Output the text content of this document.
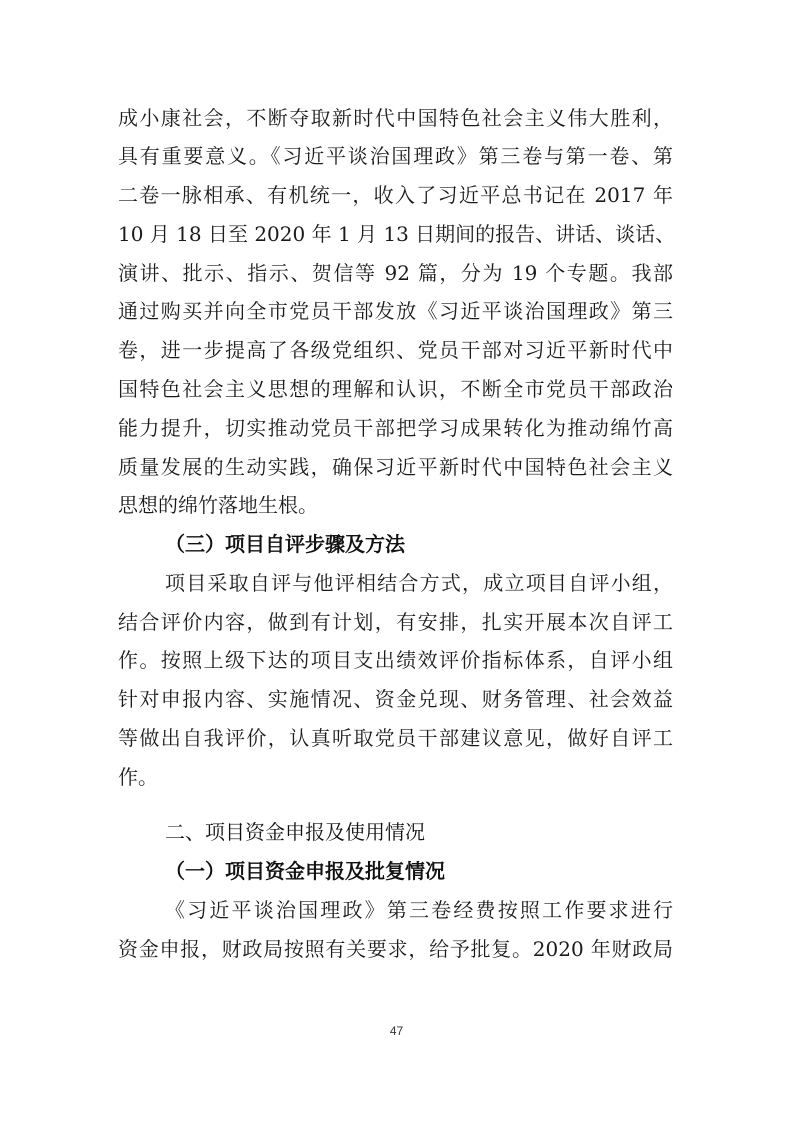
成小康社会，不断夺取新时代中国特色社会主义伟大胜利，
具有重要意义。《习近平谈治国理政》第三卷与第一卷、第
二卷一脉相承、有机统一，收入了习近平总书记在 2017 年
10 月 18 日至 2020 年 1 月 13 日期间的报告、讲话、谈话、
演讲、批示、指示、贺信等 92 篇，分为 19 个专题。我部
通过购买并向全市党员干部发放《习近平谈治国理政》第三
卷，进一步提高了各级党组织、党员干部对习近平新时代中
国特色社会主义思想的理解和认识，不断全市党员干部政治
能力提升，切实推动党员干部把学习成果转化为推动绵竹高
质量发展的生动实践，确保习近平新时代中国特色社会主义
思想的绵竹落地生根。
（三）项目自评步骤及方法
项目采取自评与他评相结合方式，成立项目自评小组，
结合评价内容，做到有计划，有安排，扎实开展本次自评工
作。按照上级下达的项目支出绩效评价指标体系，自评小组
针对申报内容、实施情况、资金兑现、财务管理、社会效益
等做出自我评价，认真听取党员干部建议意见，做好自评工
作。
二、项目资金申报及使用情况
（一）项目资金申报及批复情况
《习近平谈治国理政》第三卷经费按照工作要求进行
资金申报，财政局按照有关要求，给予批复。2020 年财政局
47
